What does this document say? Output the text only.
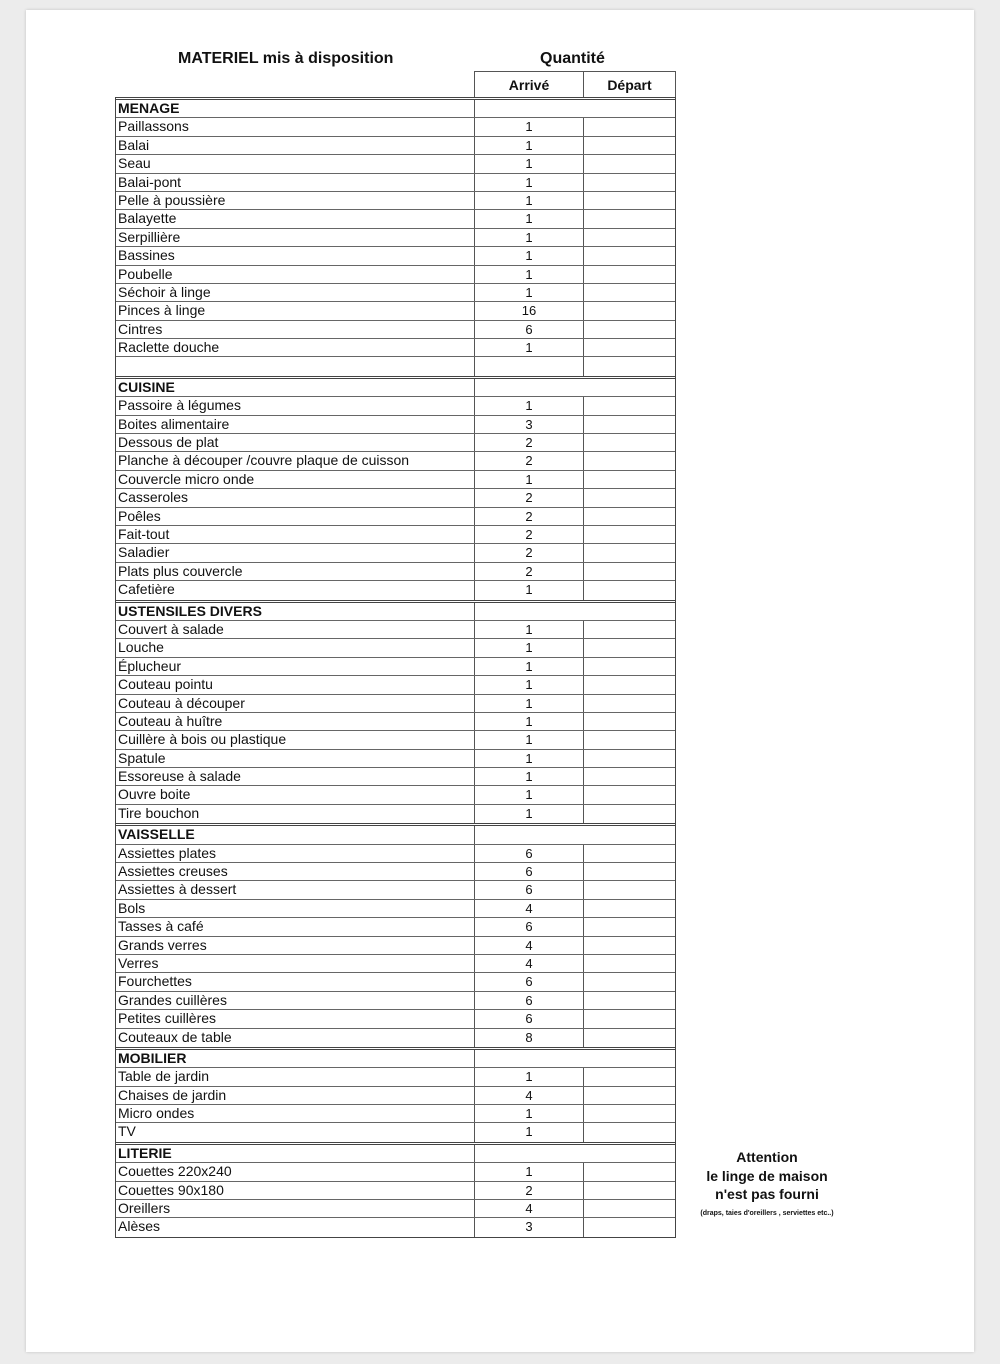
MATERIEL mis à disposition	Quantité
Arrivé	Départ
MENAGE
Paillassons	1
Balai	1
Seau	1
Balai-pont	1
Pelle à poussière	1
Balayette	1
Serpillière	1
Bassines	1
Poubelle	1
Séchoir à linge	1
Pinces à linge	16
Cintres	6
Raclette douche	1
CUISINE
Passoire à légumes	1
Boites alimentaire	3
Dessous de plat	2
Planche à découper /couvre plaque de cuisson	2
Couvercle micro onde	1
Casseroles	2
Poêles	2
Fait-tout	2
Saladier	2
Plats plus couvercle	2
Cafetière	1
USTENSILES DIVERS
Couvert à salade	1
Louche	1
Éplucheur	1
Couteau pointu	1
Couteau à découper	1
Couteau à huître	1
Cuillère à bois ou plastique	1
Spatule	1
Essoreuse à salade	1
Ouvre boite	1
Tire bouchon	1
VAISSELLE
Assiettes plates	6
Assiettes creuses	6
Assiettes à dessert	6
Bols	4
Tasses à café	6
Grands verres	4
Verres	4
Fourchettes	6
Grandes cuillères	6
Petites cuillères	6
Couteaux de table	8
MOBILIER
Table de jardin	1
Chaises de jardin	4
Micro ondes	1
TV	1
LITERIE
Couettes 220x240	1
Couettes 90x180	2
Oreillers	4
Alèses	3
Attention
le linge de maison
n'est pas fourni
(draps, taies d'oreillers , serviettes etc..)
